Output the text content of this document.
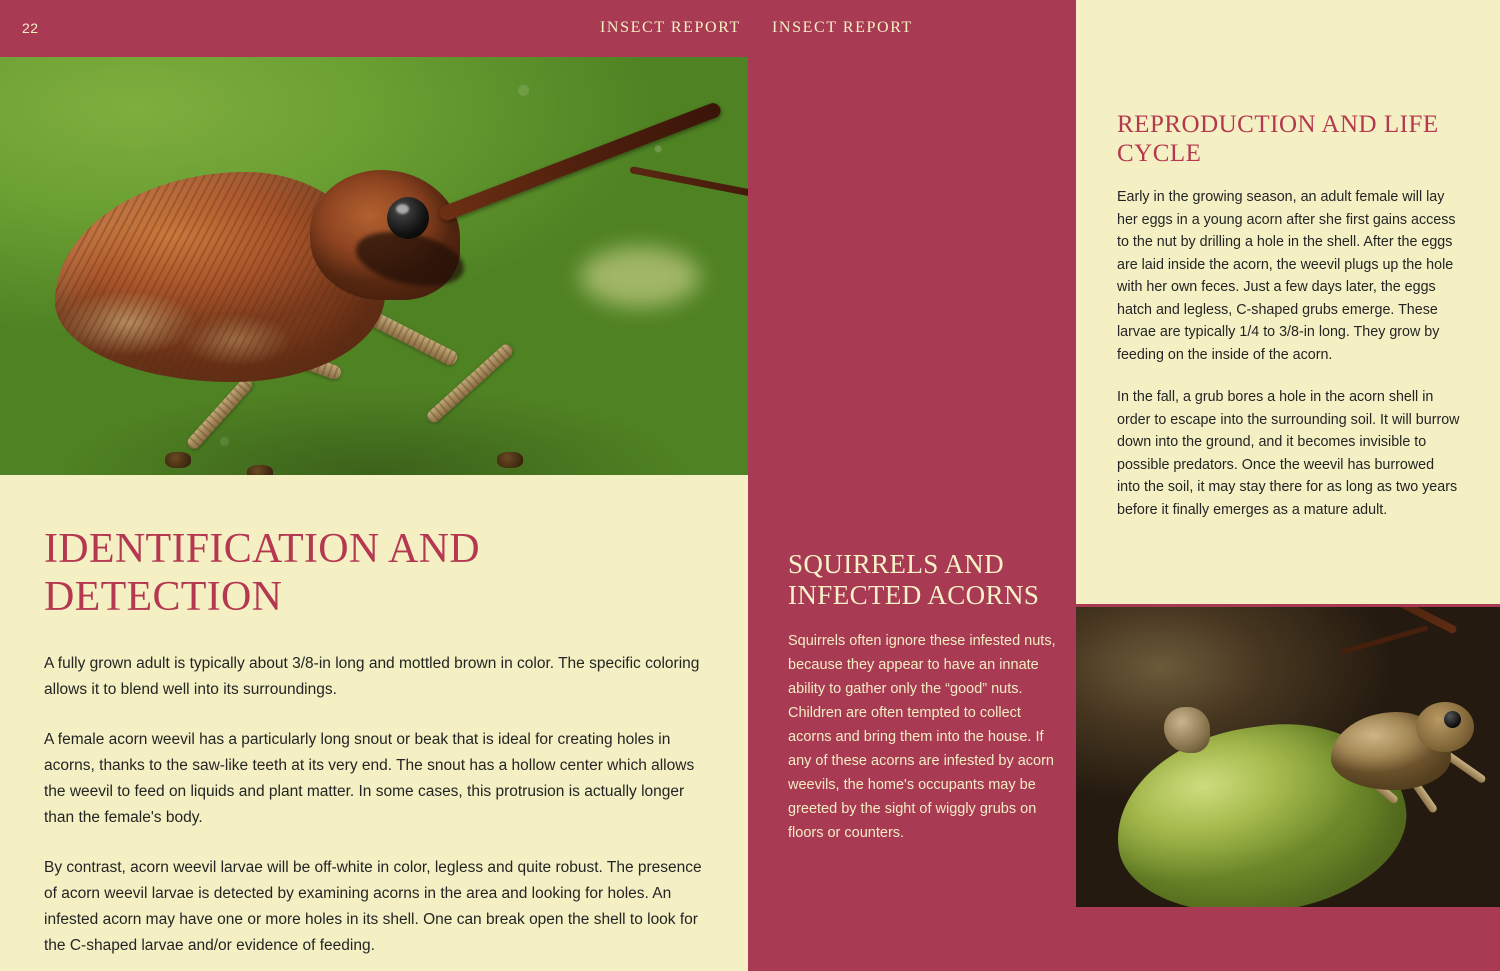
22	INSECT REPORT INSECT REPORT
IDENTIFICATION AND DETECTION

A fully grown adult is typically about 3/8-in long and mottled brown in color. The specific coloring allows it to blend well into its surroundings.

A female acorn weevil has a particularly long snout or beak that is ideal for creating holes in acorns, thanks to the saw-like teeth at its very end. The snout has a hollow center which allows the weevil to feed on liquids and plant matter. In some cases, this protrusion is actually longer than the female's body.

By contrast, acorn weevil larvae will be off-white in color, legless and quite robust. The presence of acorn weevil larvae is detected by examining acorns in the area and looking for holes. An infested acorn may have one or more holes in its shell. One can break open the shell to look for the C-shaped larvae and/or evidence of feeding.

SQUIRRELS AND INFECTED ACORNS

Squirrels often ignore these infested nuts, because they appear to have an innate ability to gather only the “good” nuts. Children are often tempted to collect acorns and bring them into the house. If any of these acorns are infested by acorn weevils, the home's occupants may be greeted by the sight of wiggly grubs on floors or counters.

REPRODUCTION AND LIFE CYCLE

Early in the growing season, an adult female will lay her eggs in a young acorn after she first gains access to the nut by drilling a hole in the shell. After the eggs are laid inside the acorn, the weevil plugs up the hole with her own feces. Just a few days later, the eggs hatch and legless, C-shaped grubs emerge. These larvae are typically 1/4 to 3/8-in long. They grow by feeding on the inside of the acorn.

In the fall, a grub bores a hole in the acorn shell in order to escape into the surrounding soil. It will burrow down into the ground, and it becomes invisible to possible predators. Once the weevil has burrowed into the soil, it may stay there for as long as two years before it finally emerges as a mature adult.
